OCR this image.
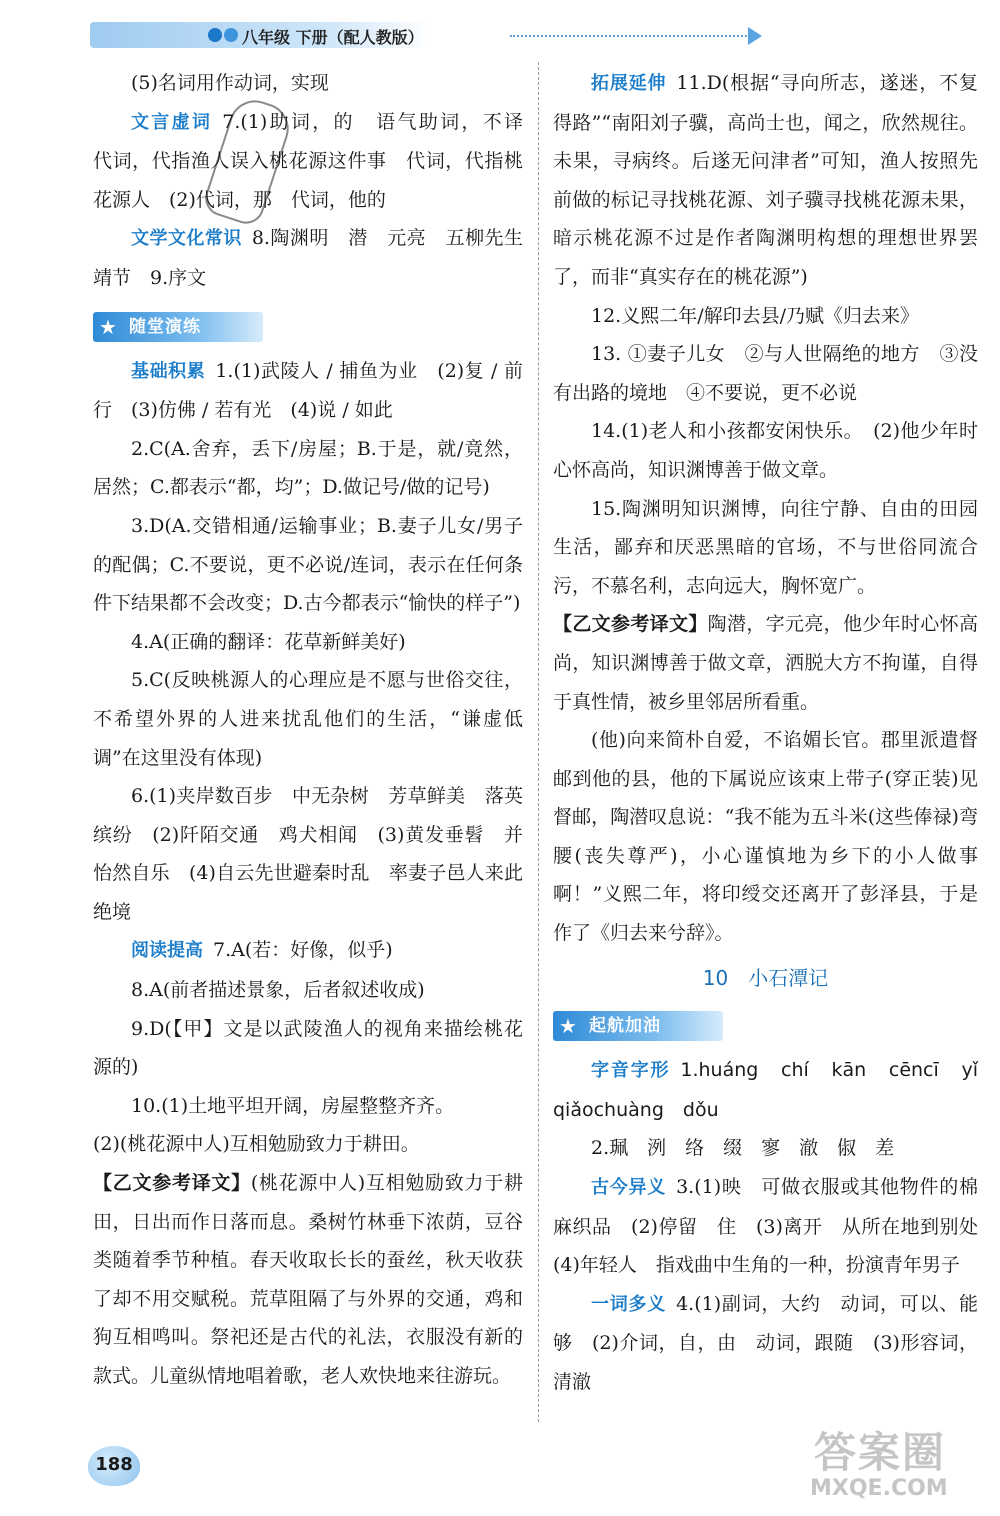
八年级 下册（配人教版）
(5)名词用作动词，实现
文言虚词 7.(1)助词，的　语气助词，不译　代词，代指渔人误入桃花源这件事　代词，代指桃花源人　(2)代词，那　代词，他的
文学文化常识 8.陶渊明　潜　元亮　五柳先生　靖节　9.序文
★ 随堂演练
基础积累 1.(1)武陵人 / 捕鱼为业　(2)复 / 前行　(3)仿佛 / 若有光　(4)说 / 如此
2.C(A.舍弃，丢下/房屋；B.于是，就/竟然，居然；C.都表示“都，均”；D.做记号/做的记号)
3.D(A.交错相通/运输事业；B.妻子儿女/男子的配偶；C.不要说，更不必说/连词，表示在任何条件下结果都不会改变；D.古今都表示“愉快的样子”)
4.A(正确的翻译：花草新鲜美好)
5.C(反映桃源人的心理应是不愿与世俗交往，不希望外界的人进来扰乱他们的生活，“谦虚低调”在这里没有体现)
6.(1)夹岸数百步　中无杂树　芳草鲜美　落英缤纷　(2)阡陌交通　鸡犬相闻　(3)黄发垂髫　并怡然自乐　(4)自云先世避秦时乱　率妻子邑人来此绝境
阅读提高 7.A(若：好像，似乎)
8.A(前者描述景象，后者叙述收成)
9.D(【甲】文是以武陵渔人的视角来描绘桃花源的)
10.(1)土地平坦开阔，房屋整整齐齐。
(2)(桃花源中人)互相勉励致力于耕田。
【乙文参考译文】(桃花源中人)互相勉励致力于耕田，日出而作日落而息。桑树竹林垂下浓荫，豆谷类随着季节种植。春天收取长长的蚕丝，秋天收获了却不用交赋税。荒草阻隔了与外界的交通，鸡和狗互相鸣叫。祭祀还是古代的礼法，衣服没有新的款式。儿童纵情地唱着歌，老人欢快地来往游玩。
拓展延伸 11.D(根据“寻向所志，遂迷，不复得路”“南阳刘子骥，高尚士也，闻之，欣然规往。未果，寻病终。后遂无问津者”可知，渔人按照先前做的标记寻找桃花源、刘子骥寻找桃花源未果，暗示桃花源不过是作者陶渊明构想的理想世界罢了，而非“真实存在的桃花源”)
12.义熙二年/解印去县/乃赋《归去来》
13. ①妻子儿女　②与人世隔绝的地方　③没有出路的境地　④不要说，更不必说
14.(1)老人和小孩都安闲快乐。　(2)他少年时心怀高尚，知识渊博善于做文章。
15.陶渊明知识渊博，向往宁静、自由的田园生活，鄙弃和厌恶黑暗的官场，不与世俗同流合污，不慕名利，志向远大，胸怀宽广。
【乙文参考译文】陶潜，字元亮，他少年时心怀高尚，知识渊博善于做文章，洒脱大方不拘谨，自得于真性情，被乡里邻居所看重。
(他)向来简朴自爱，不谄媚长官。郡里派遣督邮到他的县，他的下属说应该束上带子(穿正装)见督邮，陶潜叹息说：“我不能为五斗米(这些俸禄)弯腰(丧失尊严)，小心谨慎地为乡下的小人做事啊！”义熙二年，将印绶交还离开了彭泽县，于是作了《归去来兮辞》。
10　小石潭记
★ 起航加油
字音字形 1.huáng　chí　kān　cēncī　yǐ　qiǎochuàng　dǒu
2.珮　洌　络　缀　寥　澈　俶　差
古今异义 3.(1)映　可做衣服或其他物件的棉麻织品　(2)停留　住　(3)离开　从所在地到别处　(4)年轻人　指戏曲中生角的一种，扮演青年男子
一词多义 4.(1)副词，大约　动词，可以、能够　(2)介词，自，由　动词，跟随　(3)形容词，清澈
188	答案圈
MXQE.COM
